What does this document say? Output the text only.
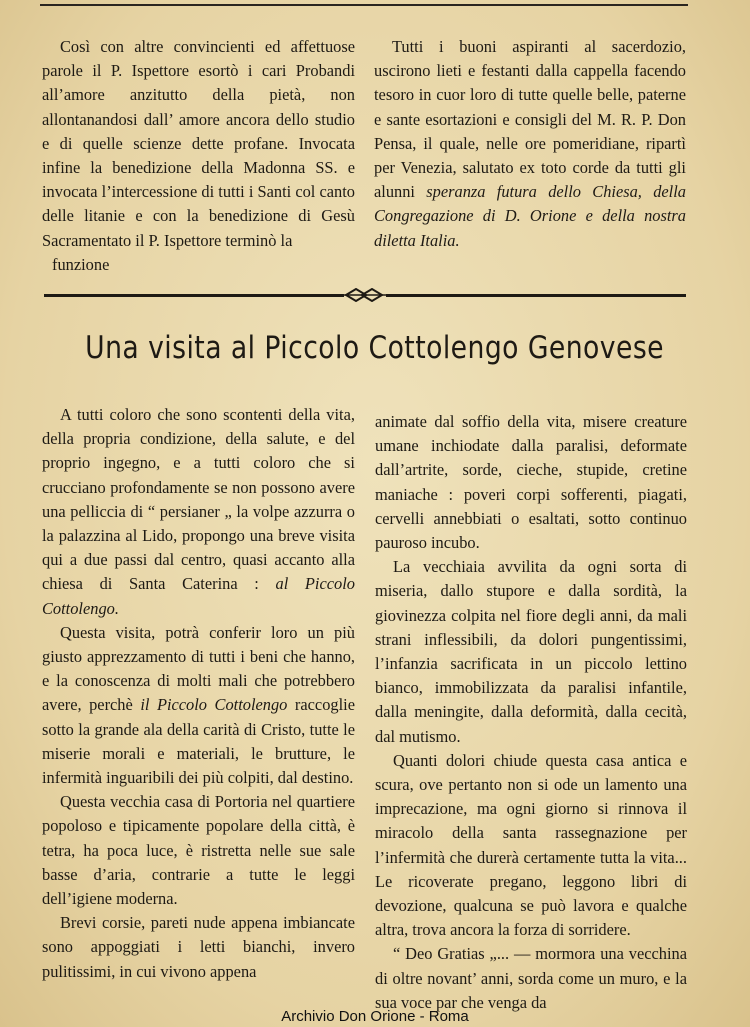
Così con altre convincienti ed affettuose parole il P. Ispettore esortò i cari Probandi all’amore anzitutto della pietà, non allontanandosi dall’ amore ancora dello studio e di quelle scienze dette profane. Invocata infine la benedizione della Madonna SS. e invocata l’intercessione di tutti i Santi col canto delle litanie e con la benedizione di Gesù Sacramentato il P. Ispettore terminò la

funzione

Tutti i buoni aspiranti al sacerdozio, uscirono lieti e festanti dalla cappella facendo tesoro in cuor loro di tutte quelle belle, paterne e sante esortazioni e consigli del M. R. P. Don Pensa, il quale, nelle ore pomeridiane, ripartì per Venezia, salutato ex toto corde da tutti gli alunni speranza futura dello Chiesa, della Congregazione di D. Orione e della nostra diletta Italia.

Una visita al Piccolo Cottolengo Genovese

A tutti coloro che sono scontenti della vita, della propria condizione, della salute, e del proprio ingegno, e a tutti coloro che si crucciano profondamente se non possono avere una pelliccia di “ persianer „ la volpe azzurra o la palazzina al Lido, propongo una breve visita qui a due passi dal centro, quasi accanto alla chiesa di Santa Caterina : al Piccolo Cottolengo.

Questa visita, potrà conferir loro un più giusto apprezzamento di tutti i beni che hanno, e la conoscenza di molti mali che potrebbero avere, perchè il Piccolo Cottolengo raccoglie sotto la grande ala della carità di Cristo, tutte le miserie morali e materiali, le brutture, le infermità inguaribili dei più colpiti, dal destino.

Questa vecchia casa di Portoria nel quartiere popoloso e tipicamente popolare della città, è tetra, ha poca luce, è ristretta nelle sue sale basse d’aria, contrarie a tutte le leggi dell’igiene moderna.

Brevi corsie, pareti nude appena imbiancate sono appoggiati i letti bianchi, invero pulitissimi, in cui vivono appena

animate dal soffio della vita, misere creature umane inchiodate dalla paralisi, deformate dall’artrite, sorde, cieche, stupide, cretine maniache : poveri corpi sofferenti, piagati, cervelli annebbiati o esaltati, sotto continuo pauroso incubo.

La vecchiaia avvilita da ogni sorta di miseria, dallo stupore e dalla sordità, la giovinezza colpita nel fiore degli anni, da mali strani inflessibili, da dolori pungentissimi, l’infanzia sacrificata in un piccolo lettino bianco, immobilizzata da paralisi infantile, dalla meningite, dalla deformità, dalla cecità, dal mutismo.

Quanti dolori chiude questa casa antica e scura, ove pertanto non si ode un lamento una imprecazione, ma ogni giorno si rinnova il miracolo della santa rassegnazione per l’infermità che durerà certamente tutta la vita... Le ricoverate pregano, leggono libri di devozione, qualcuna se può lavora e qualche altra, trova ancora la forza di sorridere.

“ Deo Gratias „... — mormora una vecchina di oltre novant’ anni, sorda come un muro, e la sua voce par che venga da

Archivio Don Orione - Roma
